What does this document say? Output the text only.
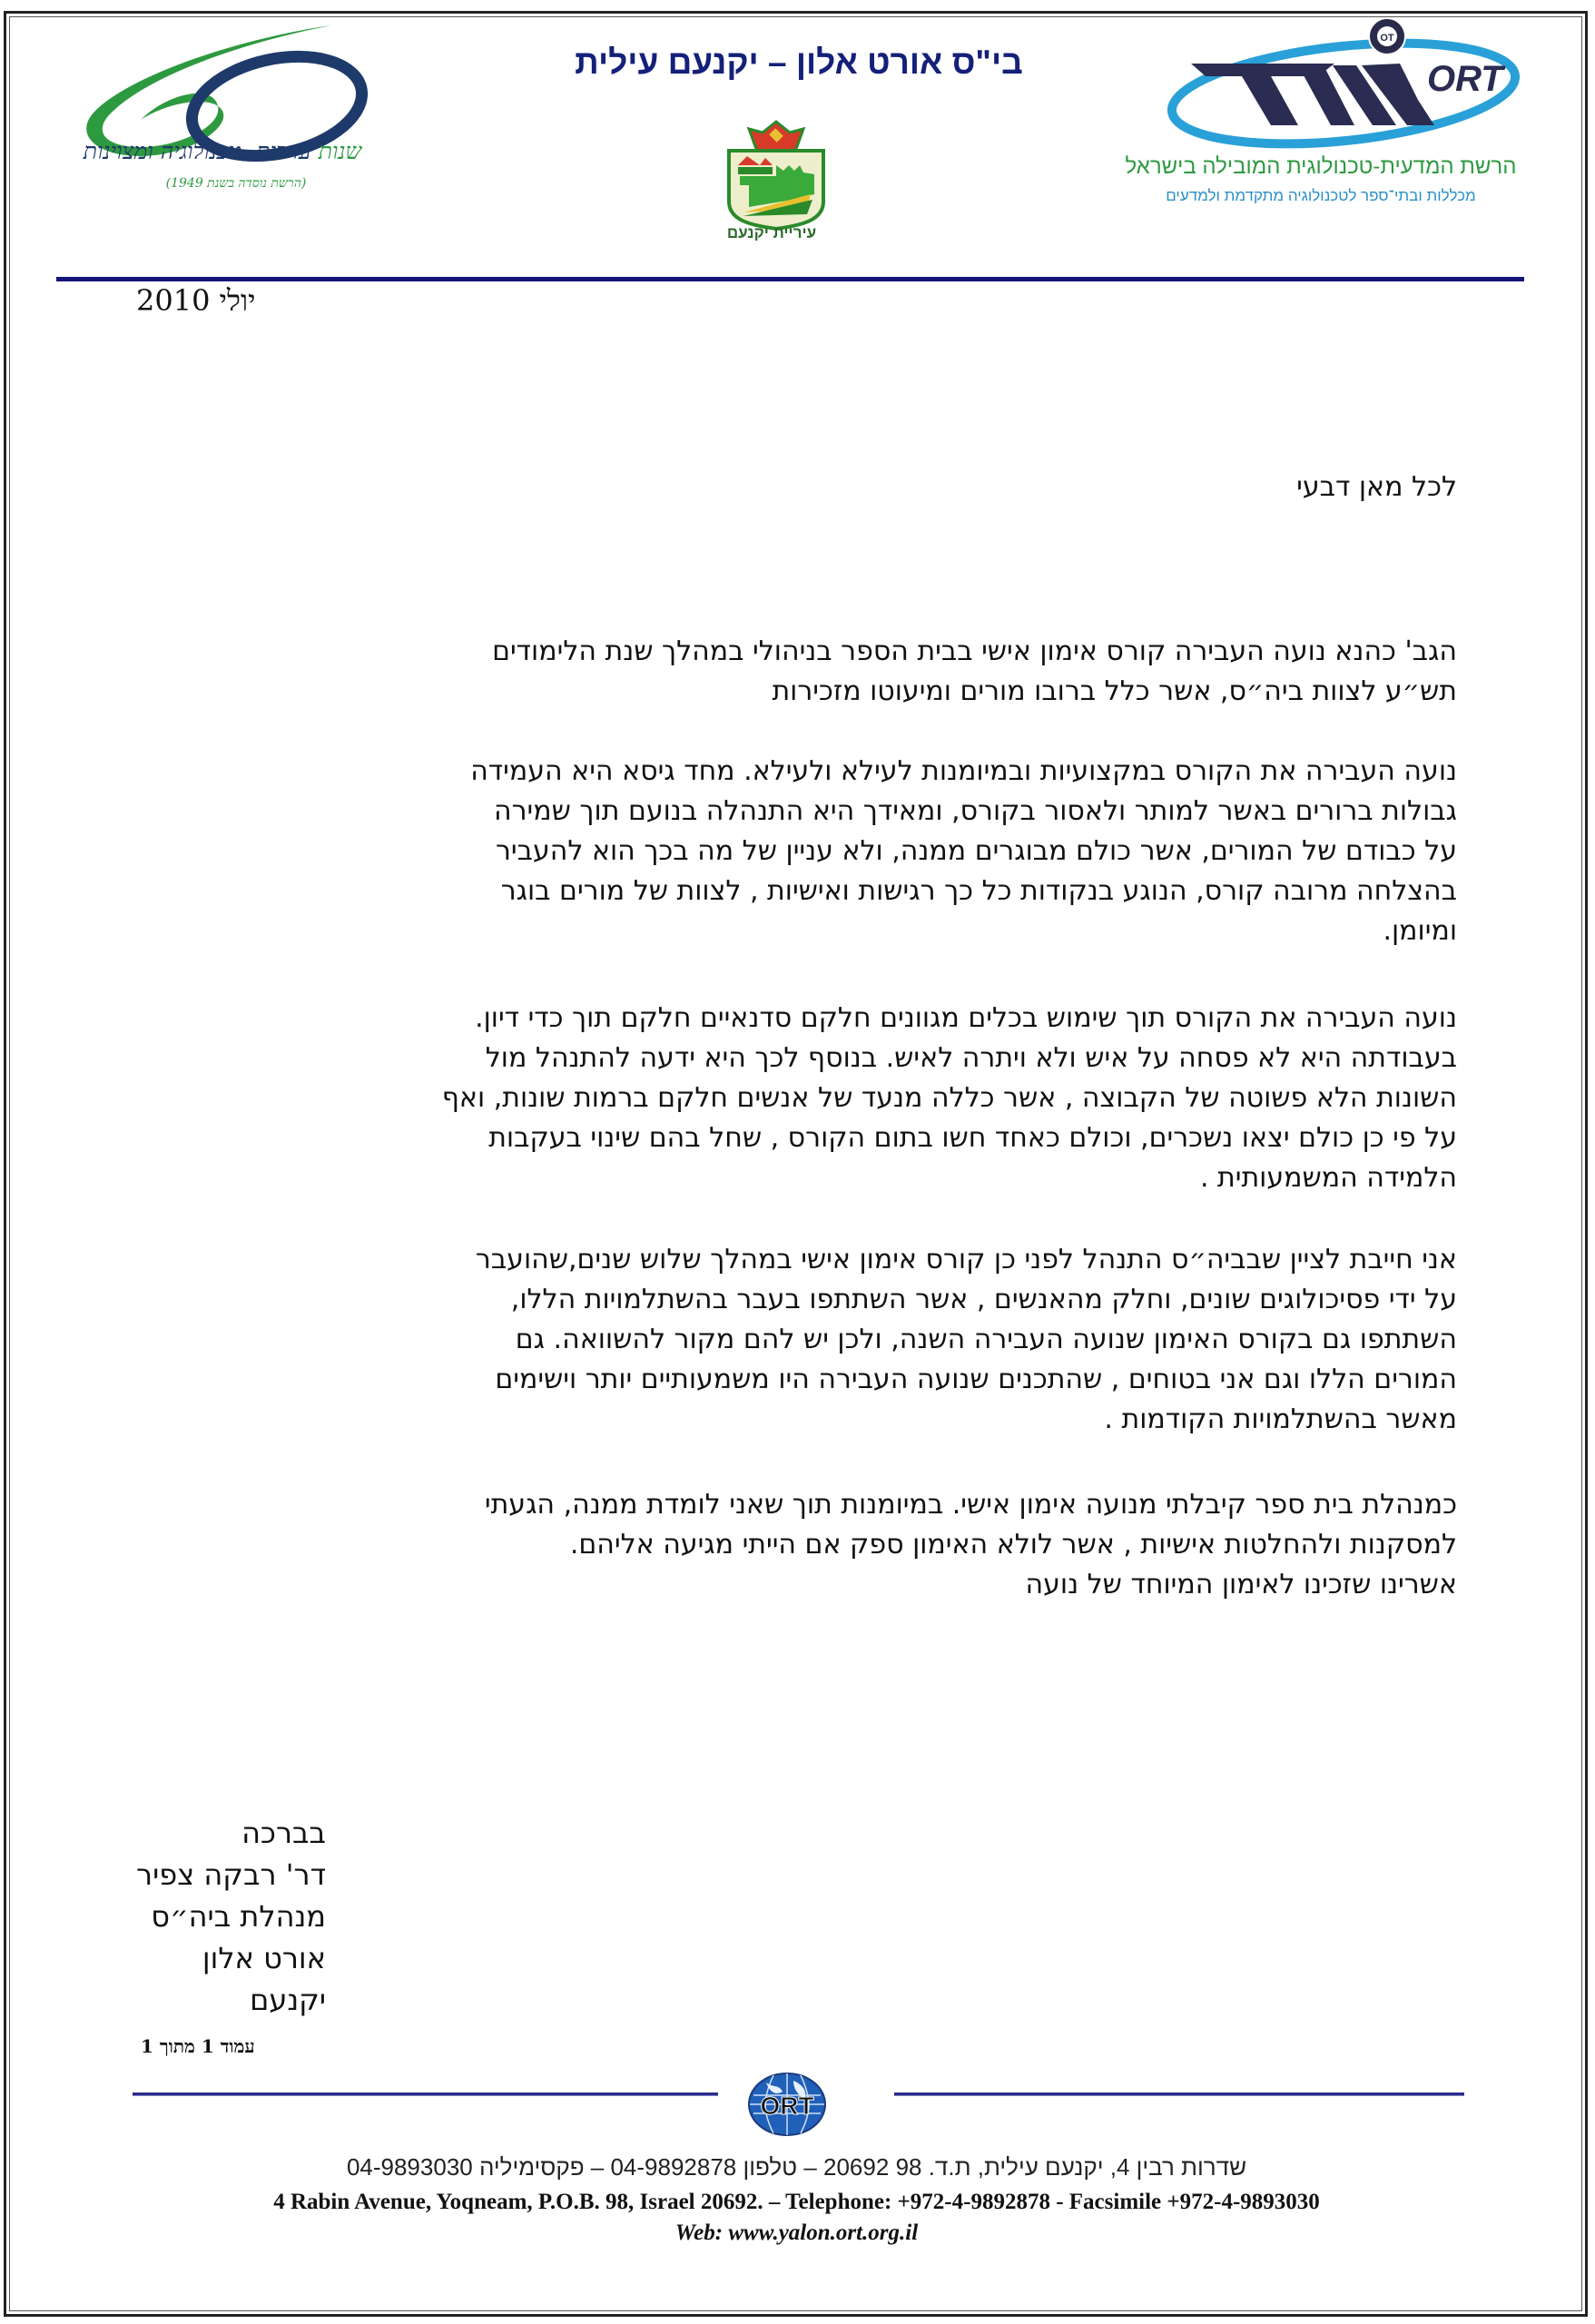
שנות ערכים, טכנולוגיה ומצוינות
(הרשת נוסדה בשנת 1949)
בי"ס אורט אלון – יקנעם עילית
עיריית יקנעם
OT
ORT
הרשת המדעית-טכנולוגית המובילה בישראל
מכללות ובתי־ספר לטכנולוגיה מתקדמת ולמדעים
יולי 2010
לכל מאן דבעי
הגב' כהנא נועה העבירה קורס אימון אישי בבית הספר בניהולי במהלך שנת הלימודים
תש״ע לצוות ביה״ס, אשר כלל ברובו מורים ומיעוטו מזכירות
נועה העבירה את הקורס במקצועיות ובמיומנות לעילא ולעילא. מחד גיסא היא העמידה
גבולות ברורים באשר למותר ולאסור בקורס, ומאידך היא התנהלה בנועם תוך שמירה
על כבודם של המורים, אשר כולם מבוגרים ממנה, ולא עניין של מה בכך הוא להעביר
בהצלחה מרובה קורס, הנוגע בנקודות כל כך רגישות ואישיות , לצוות של מורים בוגר
ומיומן.
נועה העבירה את הקורס תוך שימוש בכלים מגוונים חלקם סדנאיים חלקם תוך כדי דיון.
בעבודתה היא לא פסחה על איש ולא ויתרה לאיש. בנוסף לכך היא ידעה להתנהל מול
השונות הלא פשוטה של הקבוצה , אשר כללה מנעד של אנשים חלקם ברמות שונות, ואף
על פי כן כולם יצאו נשכרים, וכולם כאחד חשו בתום הקורס , שחל בהם שינוי בעקבות
הלמידה המשמעותית .
אני חייבת לציין שבביה״ס התנהל לפני כן קורס אימון אישי במהלך שלוש שנים,שהועבר
על ידי פסיכולוגים שונים, וחלק מהאנשים , אשר השתתפו בעבר בהשתלמויות הללו,
השתתפו גם בקורס האימון שנועה העבירה השנה, ולכן יש להם מקור להשוואה. גם
המורים הללו וגם אני בטוחים , שהתכנים שנועה העבירה היו משמעותיים יותר וישימים
מאשר בהשתלמויות הקודמות .
כמנהלת בית ספר קיבלתי מנועה אימון אישי. במיומנות תוך שאני לומדת ממנה, הגעתי
למסקנות ולהחלטות אישיות , אשר לולא האימון ספק אם הייתי מגיעה אליהם.
אשרינו שזכינו לאימון המיוחד של נועה
בברכה
דר' רבקה צפיר
מנהלת ביה״ס
אורט אלון
יקנעם
עמוד 1 מתוך 1
ORT
שדרות רבין 4, יקנעם עילית, ת.ד. 98 20692 – טלפון 04-9892878 – פקסימיליה 04-9893030
4 Rabin Avenue, Yoqneam, P.O.B. 98, Israel 20692. – Telephone: +972-4-9892878 - Facsimile +972-4-9893030
Web: www.yalon.ort.org.il
